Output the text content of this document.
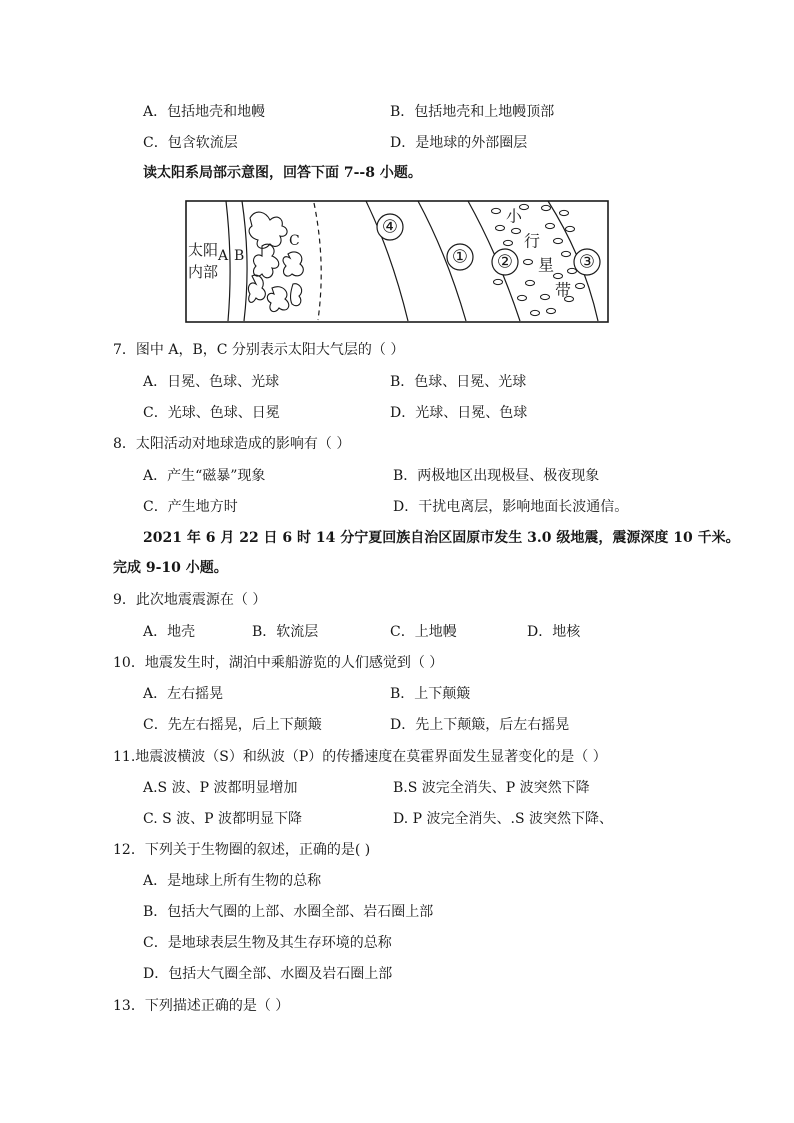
A．包括地壳和地幔	B．包括地壳和上地幔顶部
C．包含软流层	D．是地球的外部圈层
读太阳系局部示意图，回答下面 7--8 小题。
太阳
内部
A B
C
④
① ②	③
小
行
星
带
7．图中 A，B，C 分别表示太阳大气层的（ ）
A．日冕、色球、光球	B．色球、日冕、光球
C．光球、色球、日冕	D．光球、日冕、色球
8．太阳活动对地球造成的影响有（ ）
A．产生“磁暴”现象	B．两极地区出现极昼、极夜现象
C．产生地方时	D．干扰电离层，影响地面长波通信。
2021 年 6 月 22 日 6 时 14 分宁夏回族自治区固原市发生 3.0 级地震，震源深度 10 千米。
完成 9-10 小题。
9．此次地震震源在（ ）
A．地壳	B．软流层	C．上地幔	D．地核
10．地震发生时，湖泊中乘船游览的人们感觉到（ ）
A．左右摇晃	B．上下颠簸
C．先左右摇晃，后上下颠簸	D．先上下颠簸，后左右摇晃
11.地震波横波（S）和纵波（P）的传播速度在莫霍界面发生显著变化的是（ ）
A.S 波、P 波都明显增加	B.S 波完全消失、P 波突然下降
C. S 波、P 波都明显下降	D. P 波完全消失、.S 波突然下降、
12．下列关于生物圈的叙述，正确的是( )
A．是地球上所有生物的总称
B．包括大气圈的上部、水圈全部、岩石圈上部
C．是地球表层生物及其生存环境的总称
D．包括大气圈全部、水圈及岩石圈上部
13．下列描述正确的是（ ）
